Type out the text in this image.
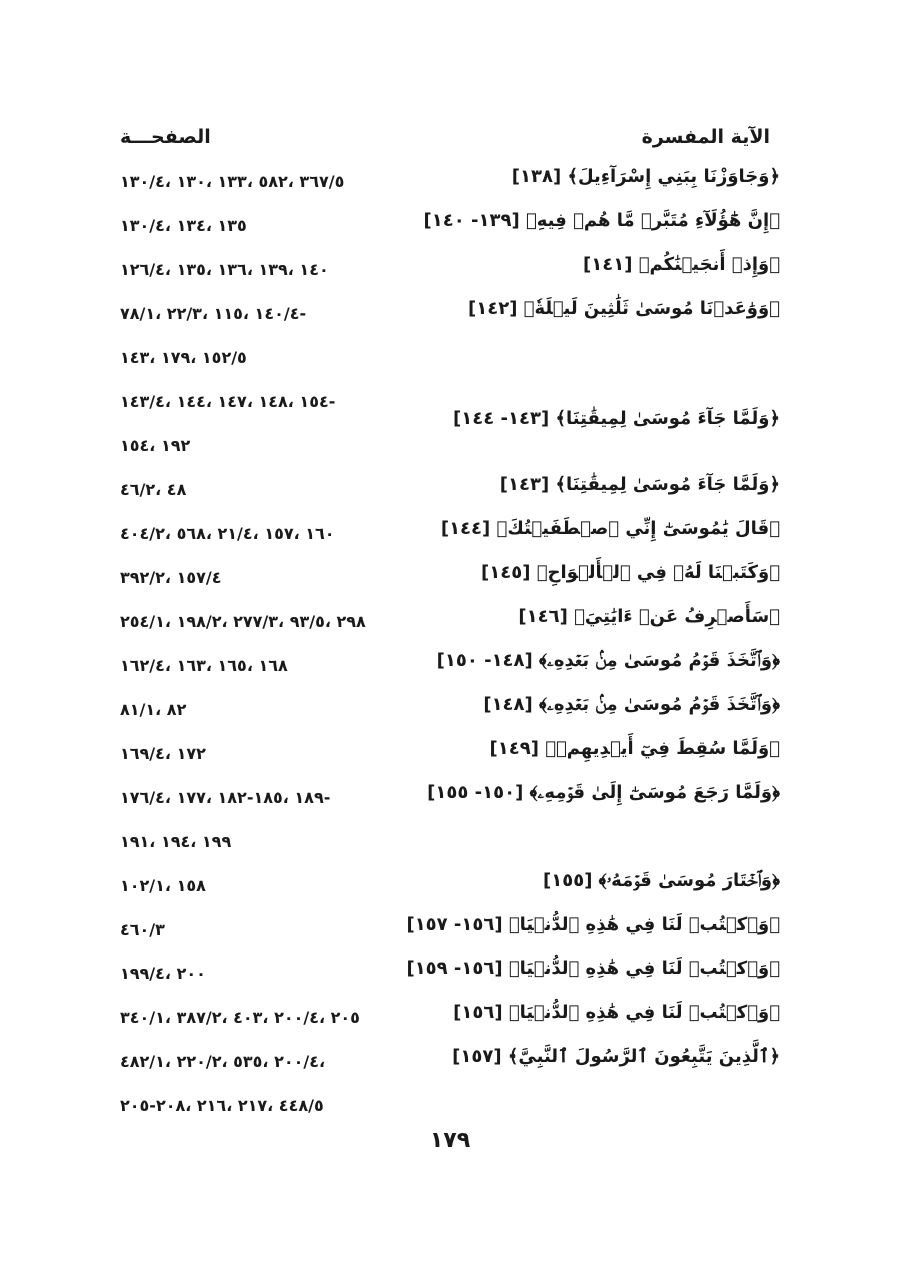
الآية المفسرة
الصفحـــة
﴿وَجَاوَزْنَا بِبَنِي إِسْرَآءِيلَ﴾ [١٣٨]
٣٦٧/٥ ،٥٨٢ ،١٣٣ ،١٣٠ ،١٣٠/٤
﴿إِنَّ هَٰٓؤُلَآءِ مُتَبَّرٞ مَّا هُمۡ فِيهِ﴾ [١٣٩- ١٤٠]
١٣٥ ،١٣٤ ،١٣٠/٤
﴿وَإِذۡ أَنجَيۡنَٰكُم﴾ [١٤١]
١٤٠ ،١٣٩ ،١٣٦ ،١٣٥ ،١٢٦/٤
﴿وَوَٰعَدۡنَا مُوسَىٰ ثَلَٰثِينَ لَيۡلَةٗ﴾ [١٤٢]
-١٤٠/٤ ،١١٥ ،٢٢/٣ ،٧٨/١
١٥٢/٥ ،١٧٩ ،١٤٣
﴿وَلَمَّا جَآءَ مُوسَىٰ لِمِيقَٰتِنَا﴾ [١٤٣- ١٤٤]
-١٥٤ ،١٤٨ ،١٤٧ ،١٤٤ ،١٤٣/٤
١٩٢ ،١٥٤
﴿وَلَمَّا جَآءَ مُوسَىٰ لِمِيقَٰتِنَا﴾ [١٤٣]
٤٨ ،٤٦/٢
﴿قَالَ يَٰمُوسَىٰٓ إِنِّي ٱصۡطَفَيۡتُكَ﴾ [١٤٤]
١٦٠ ،١٥٧ ،٢١/٤ ،٥٦٨ ،٤٠٤/٢
﴿وَكَتَبۡنَا لَهُۥ فِي ٱلۡأَلۡوَاحِ﴾ [١٤٥]
١٥٧/٤ ،٣٩٢/٢
﴿سَأَصۡرِفُ عَنۡ ءَايَٰتِيَ﴾ [١٤٦]
٢٩٨ ،٩٣/٥ ،٢٧٧/٣ ،١٩٨/٢ ،٢٥٤/١
﴿وَٱتَّخَذَ قَوۡمُ مُوسَىٰ مِنۢ بَعۡدِهِۦ﴾ [١٤٨- ١٥٠]
١٦٨ ،١٦٥ ،١٦٣ ،١٦٢/٤
﴿وَٱتَّخَذَ قَوۡمُ مُوسَىٰ مِنۢ بَعۡدِهِۦ﴾ [١٤٨]
٨٢ ،٨١/١
﴿وَلَمَّا سُقِطَ فِيٓ أَيۡدِيهِمۡ﴾ [١٤٩]
١٧٢ ،١٦٩/٤
﴿وَلَمَّا رَجَعَ مُوسَىٰٓ إِلَىٰ قَوۡمِهِۦ﴾ [١٥٠- ١٥٥]
-١٨٩ ،١٨٥-١٨٢ ،١٧٧ ،١٧٦/٤
١٩٩ ،١٩٤ ،١٩١
﴿وَٱخۡتَارَ مُوسَىٰ قَوۡمَهُۥ﴾ [١٥٥]
١٥٨ ،١٠٢/١
﴿وَٱكۡتُبۡ لَنَا فِي هَٰذِهِ ٱلدُّنۡيَا﴾ [١٥٦- ١٥٧]
٤٦٠/٣
﴿وَٱكۡتُبۡ لَنَا فِي هَٰذِهِ ٱلدُّنۡيَا﴾ [١٥٦- ١٥٩]
٢٠٠ ،١٩٩/٤
﴿وَٱكۡتُبۡ لَنَا فِي هَٰذِهِ ٱلدُّنۡيَا﴾ [١٥٦]
٢٠٥ ،٢٠٠/٤ ،٤٠٣ ،٣٨٧/٢ ،٣٤٠/١
﴿ٱلَّذِينَ يَتَّبِعُونَ ٱلرَّسُولَ ٱلنَّبِيَّ﴾ [١٥٧]
،٢٠٠/٤ ،٥٣٥ ،٢٢٠/٢ ،٤٨٢/١
٤٤٨/٥ ،٢١٧ ،٢١٦ ،٢٠٨-٢٠٥
١٧٩
